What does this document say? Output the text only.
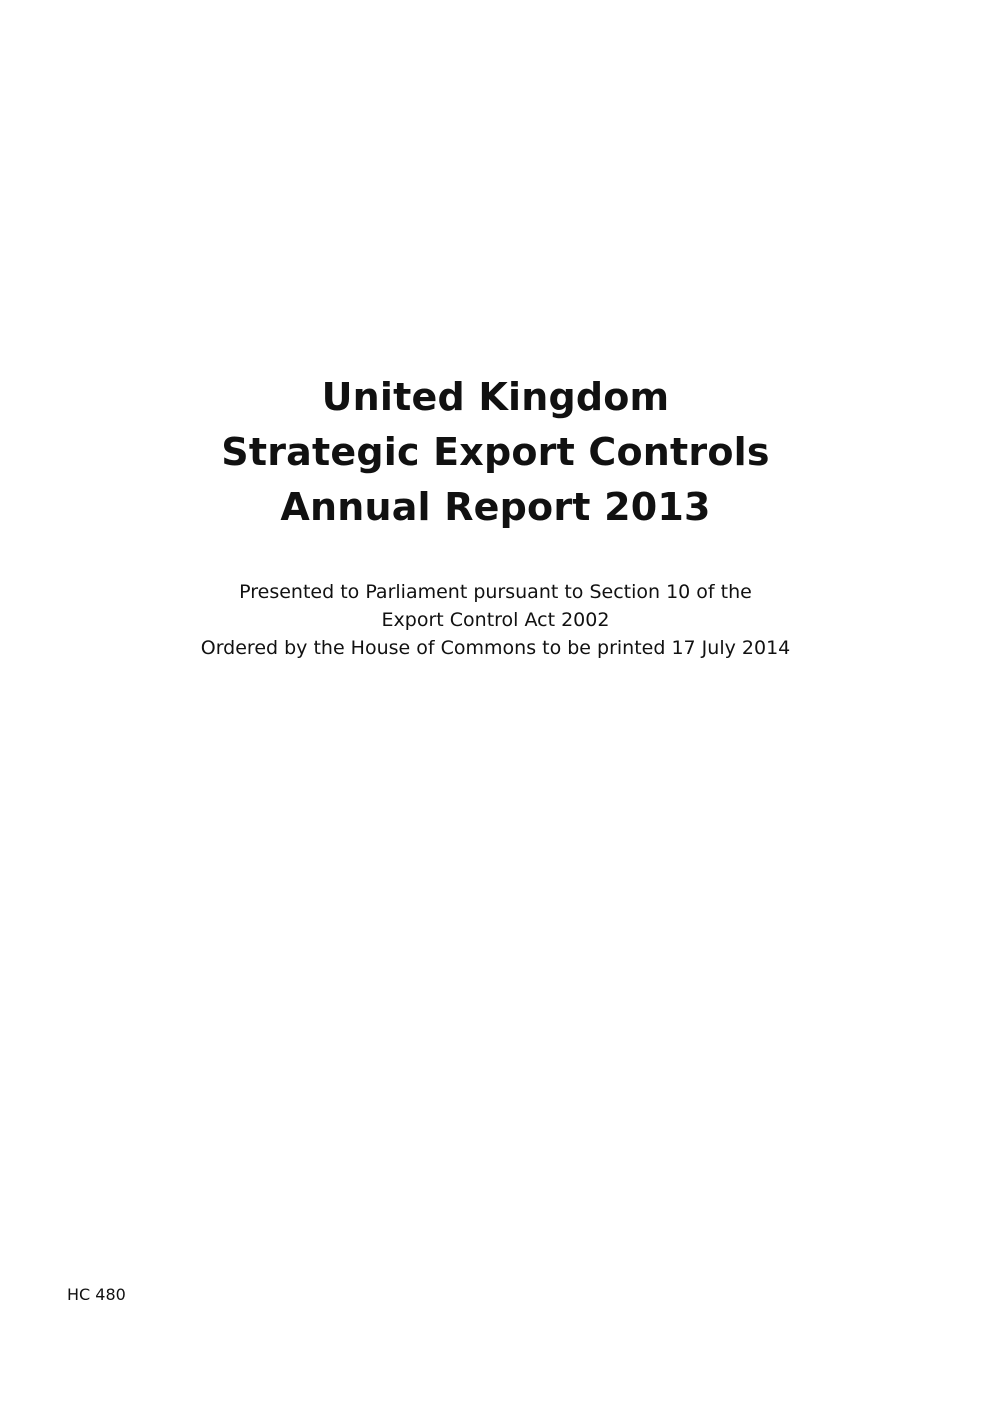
United Kingdom
Strategic Export Controls
Annual Report 2013
Presented to Parliament pursuant to Section 10 of the
Export Control Act 2002
Ordered by the House of Commons to be printed 17 July 2014
HC 480
